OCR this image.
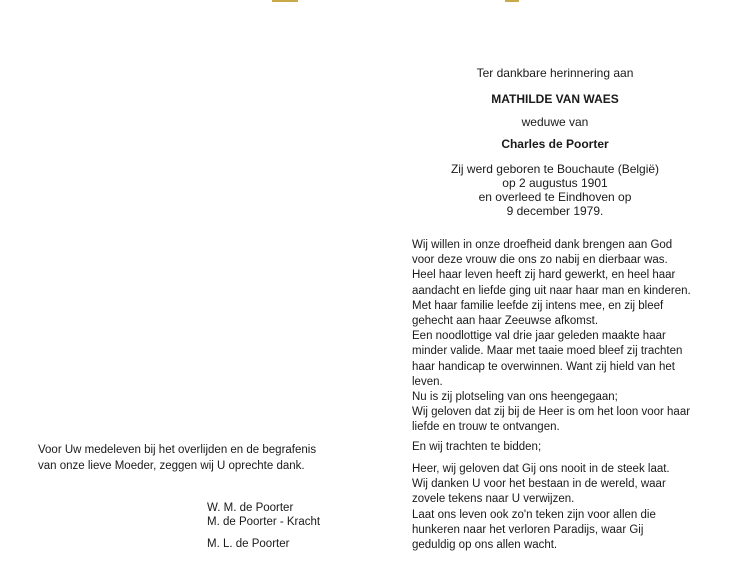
Ter dankbare herinnering aan
MATHILDE VAN WAES
weduwe van
Charles de Poorter
Zij werd geboren te Bouchaute (België)
op 2 augustus 1901
en overleed te Eindhoven op
9 december 1979.
Wij willen in onze droefheid dank brengen aan God
voor deze vrouw die ons zo nabij en dierbaar was.
Heel haar leven heeft zij hard gewerkt, en heel haar
aandacht en liefde ging uit naar haar man en kinderen.
Met haar familie leefde zij intens mee, en zij bleef
gehecht aan haar Zeeuwse afkomst.
Een noodlottige val drie jaar geleden maakte haar
minder valide. Maar met taaie moed bleef zij trachten
haar handicap te overwinnen. Want zij hield van het
leven.
Nu is zij plotseling van ons heengegaan;
Wij geloven dat zij bij de Heer is om het loon voor haar
liefde en trouw te ontvangen.
En wij trachten te bidden;
Heer, wij geloven dat Gij ons nooit in de steek laat.
Wij danken U voor het bestaan in de wereld, waar
zovele tekens naar U verwijzen.
Laat ons leven ook zo'n teken zijn voor allen die
hunkeren naar het verloren Paradijs, waar Gij
geduldig op ons allen wacht.
Voor Uw medeleven bij het overlijden en de begrafenis
van onze lieve Moeder, zeggen wij U oprechte dank.
W. M. de Poorter
M. de Poorter - Kracht
M. L. de Poorter
